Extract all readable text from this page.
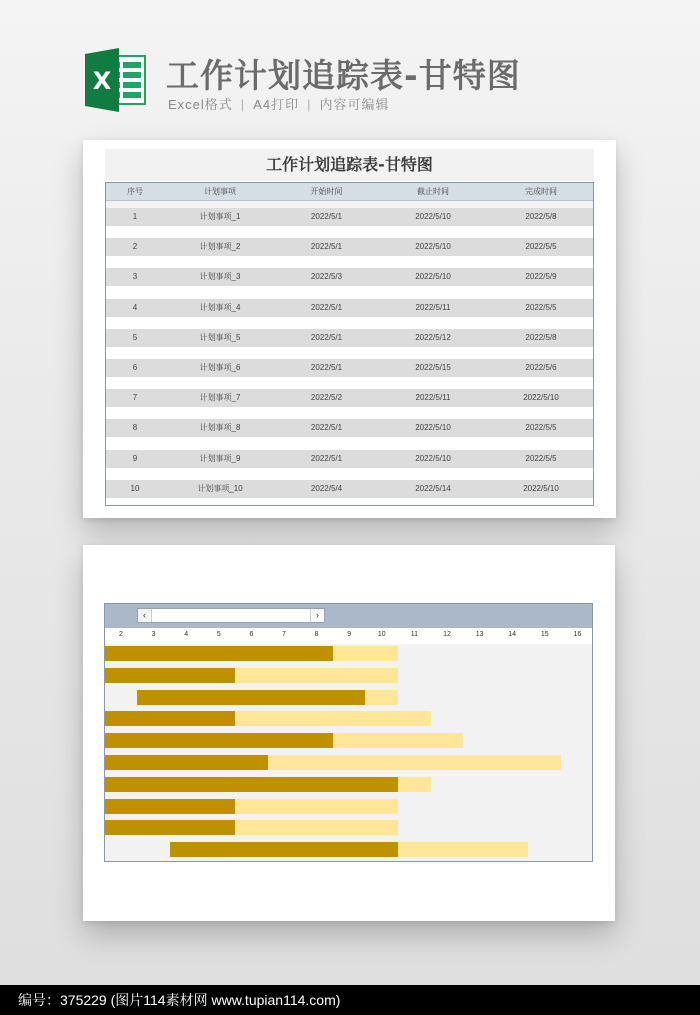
X 工作计划追踪表-甘特图
Excel格式 | A4打印 | 内容可编辑
工作计划追踪表-甘特图
序号	计划事项	开始时间	截止时间	完成时间
1	计划事项_1	2022/5/1	2022/5/10	2022/5/8
2	计划事项_2	2022/5/1	2022/5/10	2022/5/5
3	计划事项_3	2022/5/3	2022/5/10	2022/5/9
4	计划事项_4	2022/5/1	2022/5/11	2022/5/5
5	计划事项_5	2022/5/1	2022/5/12	2022/5/8
6	计划事项_6	2022/5/1	2022/5/15	2022/5/6
7	计划事项_7	2022/5/2	2022/5/11	2022/5/10
8	计划事项_8	2022/5/1	2022/5/10	2022/5/5
9	计划事项_9	2022/5/1	2022/5/10	2022/5/5
10	计划事项_10	2022/5/4	2022/5/14	2022/5/10
‹	›
2	3	4	5	6	7	8	9	10	11	12	13	14	15	16
编号：375229 (图片114素材网 www.tupian114.com)
